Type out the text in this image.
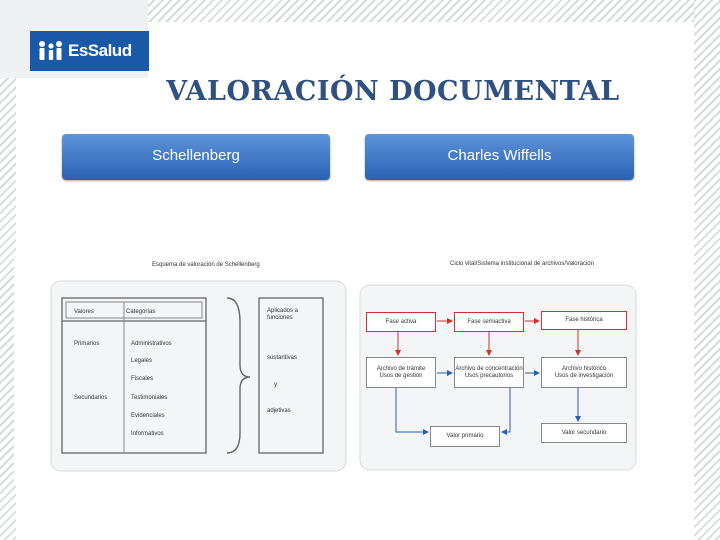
EsSalud
VALORACIÓN DOCUMENTAL
Schellenberg	Charles Wiffells
Esquema de valoración de Schellenberg
Valores	Categorías
Primarios
Secundarios
Administrativos
Legales
Fiscales
Testimoniales
Evidenciales
Informativos
Aplicados a funciones
sustantivas
y
adjetivas
Ciclo vital/Sistema institucional de archivos/Valoración
Fase activa	Fase semiactiva	Fase histórica
Archivo de trámite
Usos de gestión
Archivo de concentración
Usos precautorios
Archivo histórico
Usos de investigación
Valor primario
Valor secundario
